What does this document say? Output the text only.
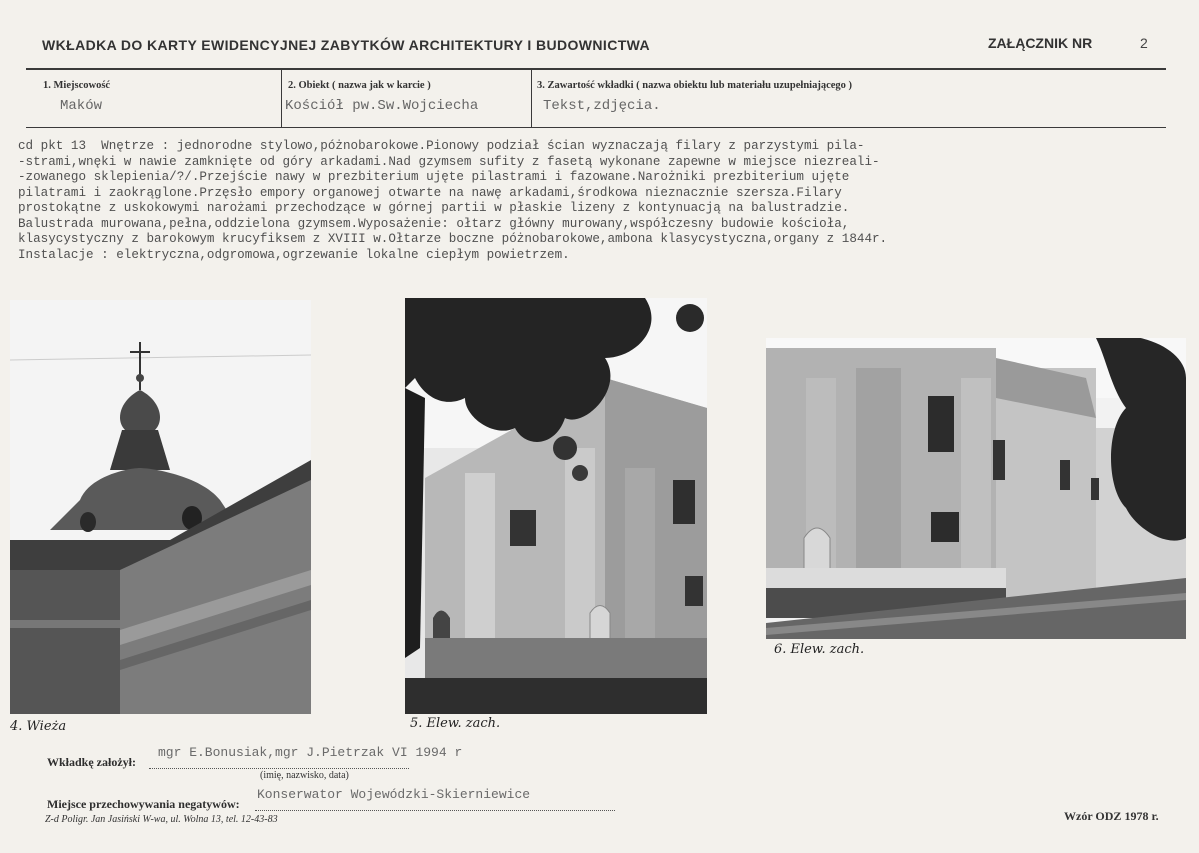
WKŁADKA DO KARTY EWIDENCYJNEJ ZABYTKÓW ARCHITEKTURY I BUDOWNICTWA	ZAŁĄCZNIK NR	2
1. Miejscowość
Maków
2. Obiekt ( nazwa jak w karcie )
Kościół pw.Sw.Wojciecha
3. Zawartość wkładki ( nazwa obiektu lub materiału uzupełniającego )
Tekst,zdjęcia.
cd pkt 13  Wnętrze : jednorodne stylowo,póżnobarokowe.Pionowy podział ścian wyznaczają filary z parzystymi pila-
-strami,wnęki w nawie zamknięte od góry arkadami.Nad gzymsem sufity z fasetą wykonane zapewne w miejsce niezreali-
-zowanego sklepienia/?/.Przejście nawy w prezbiterium ujęte pilastrami i fazowane.Narożniki prezbiterium ujęte
pilatrami i zaokrąglone.Przęsło empory organowej otwarte na nawę arkadami,środkowa nieznacznie szersza.Filary
prostokątne z uskokowymi narożami przechodzące w górnej partii w płaskie lizeny z kontynuacją na balustradzie.
Balustrada murowana,pełna,oddzielona gzymsem.Wyposażenie: ołtarz główny murowany,współczesny budowie kościoła,
klasycystyczny z barokowym krucyfiksem z XVIII w.Ołtarze boczne póżnobarokowe,ambona klasycystyczna,organy z 1844r.
Instalacje : elektryczna,odgromowa,ogrzewanie lokalne ciepłym powietrzem.
4. Wieża	5. Elew. zach.
6. Elew. zach.
Wkładkę założył:
mgr E.Bonusiak,mgr J.Pietrzak VI 1994 r
(imię, nazwisko, data)
Miejsce przechowywania negatywów:
Konserwator Wojewódzki-Skierniewice
Z-d Poligr. Jan Jasiński W-wa, ul. Wolna 13, tel. 12-43-83	Wzór ODZ 1978 r.
